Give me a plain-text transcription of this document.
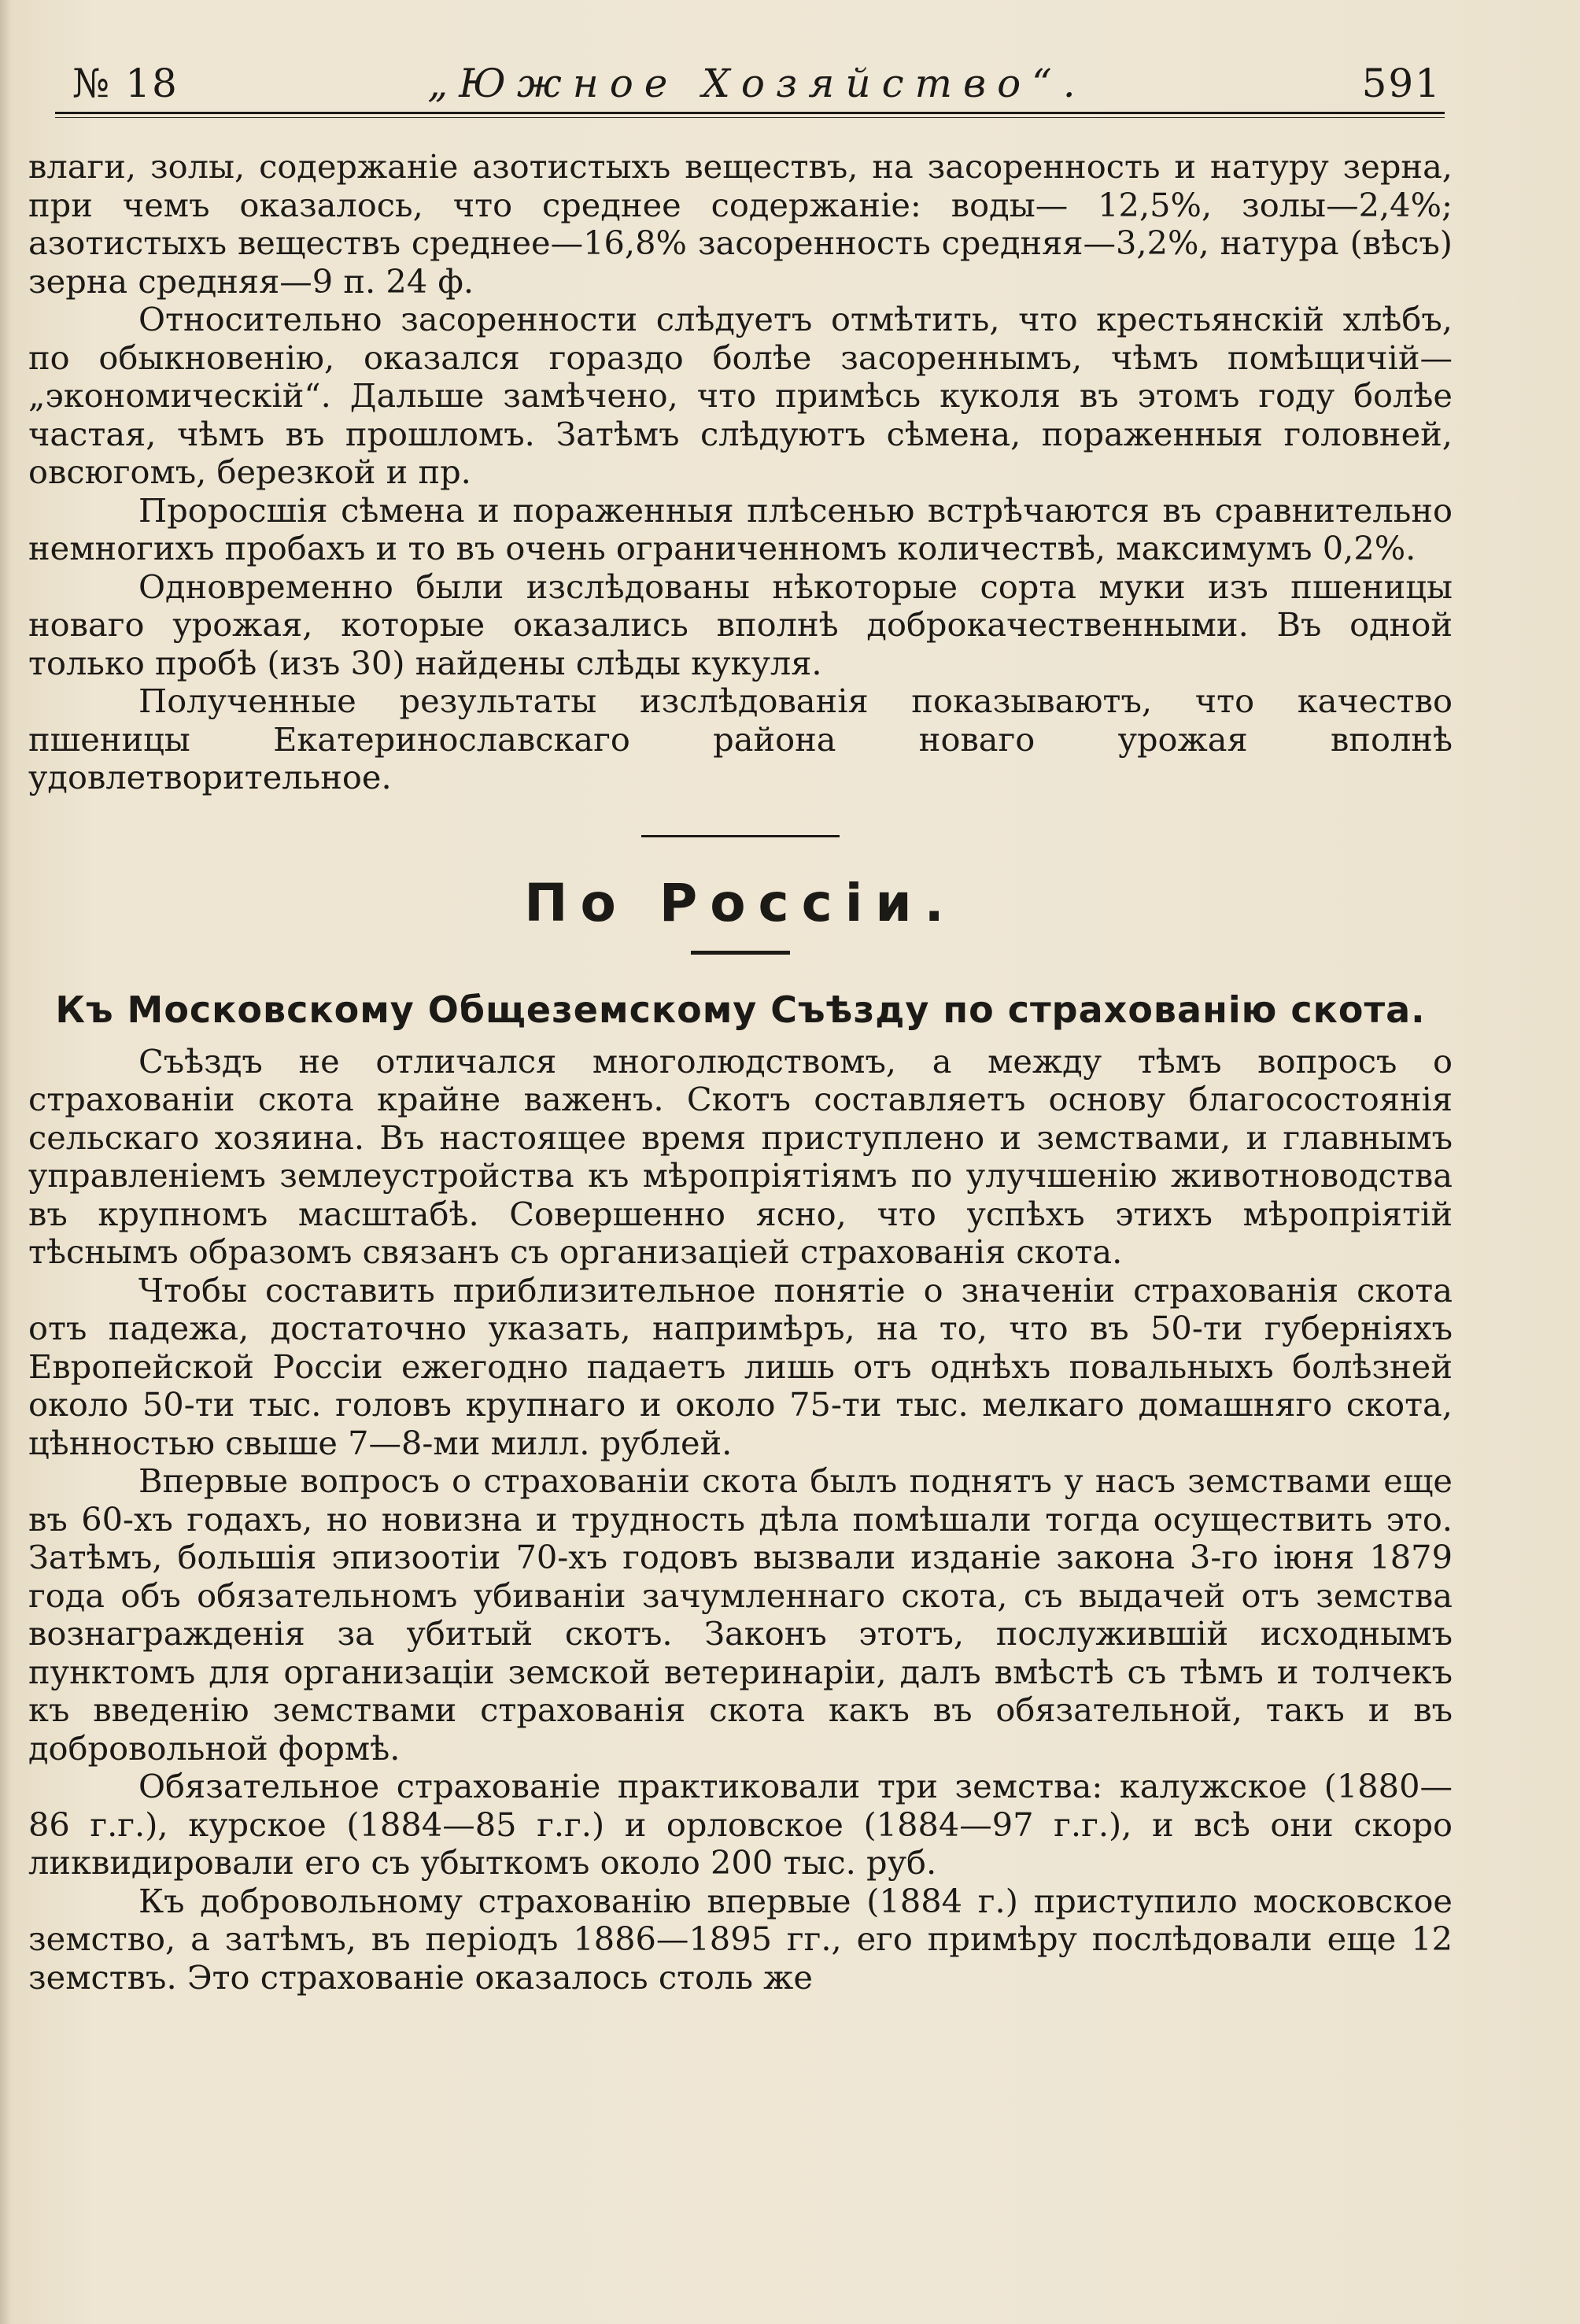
№ 18	„Южное Хозяйство“.	591

влаги, золы, содержаніе азотистыхъ веществъ, на засоренность и натуру зерна, при чемъ оказалось, что среднее содержаніе: воды— 12,5%, золы—2,4%; азотистыхъ веществъ среднее—16,8% засоренность средняя—3,2%, натура (вѣсъ) зерна средняя—9 п. 24 ф.

Относительно засоренности слѣдуетъ отмѣтить, что крестьянскій хлѣбъ, по обыкновенію, оказался гораздо болѣе засореннымъ, чѣмъ помѣщичій—„экономическій“. Дальше замѣчено, что примѣсь куколя въ этомъ году болѣе частая, чѣмъ въ прошломъ. Затѣмъ слѣдуютъ сѣмена, пораженныя головней, овсюгомъ, березкой и пр.

Проросшія сѣмена и пораженныя плѣсенью встрѣчаются въ сравнительно немногихъ пробахъ и то въ очень ограниченномъ количествѣ, максимумъ 0,2%.

Одновременно были изслѣдованы нѣкоторые сорта муки изъ пшеницы новаго урожая, которые оказались вполнѣ доброкачественными. Въ одной только пробѣ (изъ 30) найдены слѣды кукуля.

Полученные результаты изслѣдованія показываютъ, что качество пшеницы Екатеринославскаго района новаго урожая вполнѣ удовлетворительное.

По Россіи.
Къ Московскому Общеземскому Съѣзду по страхованію скота.

Съѣздъ не отличался многолюдствомъ, а между тѣмъ вопросъ о страхованіи скота крайне важенъ. Скотъ составляетъ основу благосостоянія сельскаго хозяина. Въ настоящее время приступлено и земствами, и главнымъ управленіемъ землеустройства къ мѣропріятіямъ по улучшенію животноводства въ крупномъ масштабѣ. Совершенно ясно, что успѣхъ этихъ мѣропріятій тѣснымъ образомъ связанъ съ организаціей страхованія скота.

Чтобы составить приблизительное понятіе о значеніи страхованія скота отъ падежа, достаточно указать, напримѣръ, на то, что въ 50-ти губерніяхъ Европейской Россіи ежегодно падаетъ лишь отъ однѣхъ повальныхъ болѣзней около 50-ти тыс. головъ крупнаго и около 75-ти тыс. мелкаго домашняго скота, цѣнностью свыше 7—8-ми милл. рублей.

Впервые вопросъ о страхованіи скота былъ поднятъ у насъ земствами еще въ 60-хъ годахъ, но новизна и трудность дѣла помѣшали тогда осуществить это. Затѣмъ, большія эпизоотіи 70-хъ годовъ вызвали изданіе закона 3-го іюня 1879 года объ обязательномъ убиваніи зачумленнаго скота, съ выдачей отъ земства вознагражденія за убитый скотъ. Законъ этотъ, послужившій исходнымъ пунктомъ для организаціи земской ветеринаріи, далъ вмѣстѣ съ тѣмъ и толчекъ къ введенію земствами страхованія скота какъ въ обязательной, такъ и въ добровольной формѣ.

Обязательное страхованіе практиковали три земства: калужское (1880—86 г.г.), курское (1884—85 г.г.) и орловское (1884—97 г.г.), и всѣ они скоро ликвидировали его съ убыткомъ около 200 тыс. руб.

Къ добровольному страхованію впервые (1884 г.) приступило московское земство, а затѣмъ, въ періодъ 1886—1895 гг., его примѣру послѣдовали еще 12 земствъ. Это страхованіе оказалось столь же
